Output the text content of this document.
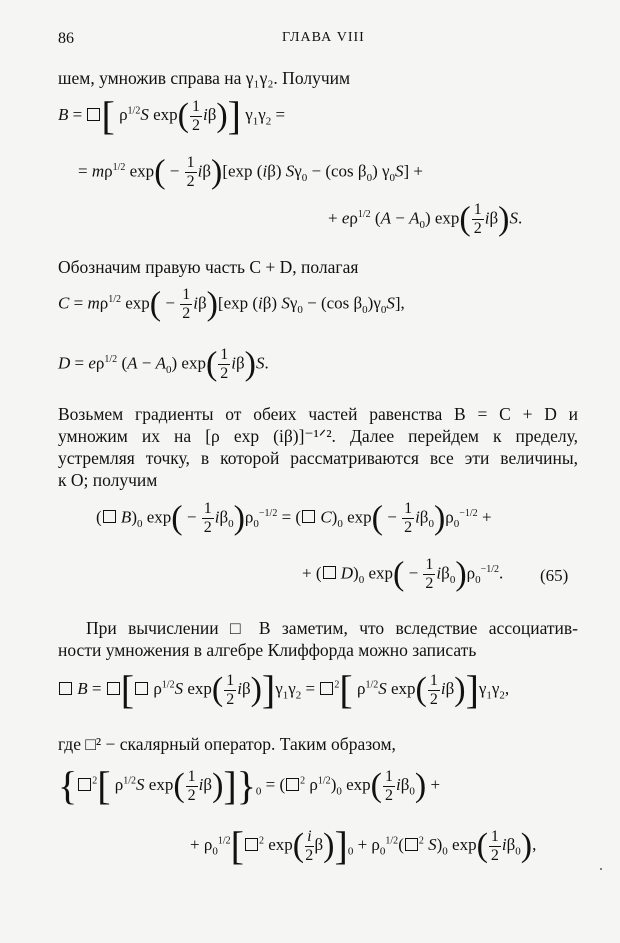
86	ГЛАВА VIII
шем, умножив справа на γ₁γ₂. Получим
B = [ $\rho^{1/2}S$ $\exp( \frac{1}{2} i\beta)$] $\gamma_1\gamma_2$ =
= $m\rho^{1/2}$ $\exp( - \frac{1}{2} i\beta)[\exp$ (iβ) $S\gamma_0 - (\cos$ $\beta_0$) $\gamma_0S$] +
+ $e\rho^{1/2}$ $(A - A_0)$ $\exp( \frac{1}{2} i\beta)S$.
Обозначим правую часть C + D, полагая
$C = m\rho^{1/2}$ $\exp( - \frac{1}{2} i\beta)[\exp$ (iβ) $S\gamma_0 - (\cos$ $\beta_0)\gamma_0S$],
$D = e\rho^{1/2}$ $(A - A_0)$ $\exp( \frac{1}{2} i\beta)S$.
Возьмем градиенты от обеих частей равенства B = C + D и
умножим их на [ρ exp (iβ)]⁻¹ᐟ². Далее перейдем к пределу,
устремляя точку, в которой рассматриваются все эти величины,
к O; получим
( $B)_0$ $\exp( - \frac{1}{2} i\beta_0)\rho_0^{-1/2}$ = ( $C)_0$ $\exp( - \frac{1}{2} i\beta_0)\rho_0^{-1/2}$ +
+ ( $D)_0$ $\exp( - \frac{1}{2} i\beta_0)\rho_0^{-1/2}$. (65)
При вычислении □ B заметим, что вследствие ассоциатив-
ности умножения в алгебре Клиффорда можно записать
B = [ $\rho^{1/2}S$ $\exp( \frac{1}{2} i\beta)]\gamma_1\gamma_2 = ^2$[ $\rho^{1/2}S$ $\exp( \frac{1}{2} i\beta)]\gamma_1\gamma_2$,
где □² − скалярный оператор. Таким образом,
{ $^2$[ $\rho^{1/2}S$ $\exp( \frac{1}{2} i\beta)]\}_0$ = ( $^2$ $\rho^{1/2})_0$ $\exp( \frac{1}{2} i\beta_0)$ +
+ $\rho_0^{1/2}$[ $^2$ $\exp( \frac{i}{2} \beta)]_0 + \rho_0^{1/2}$( $^2$ $S)_0$ $\exp( \frac{1}{2} i\beta_0)$,
